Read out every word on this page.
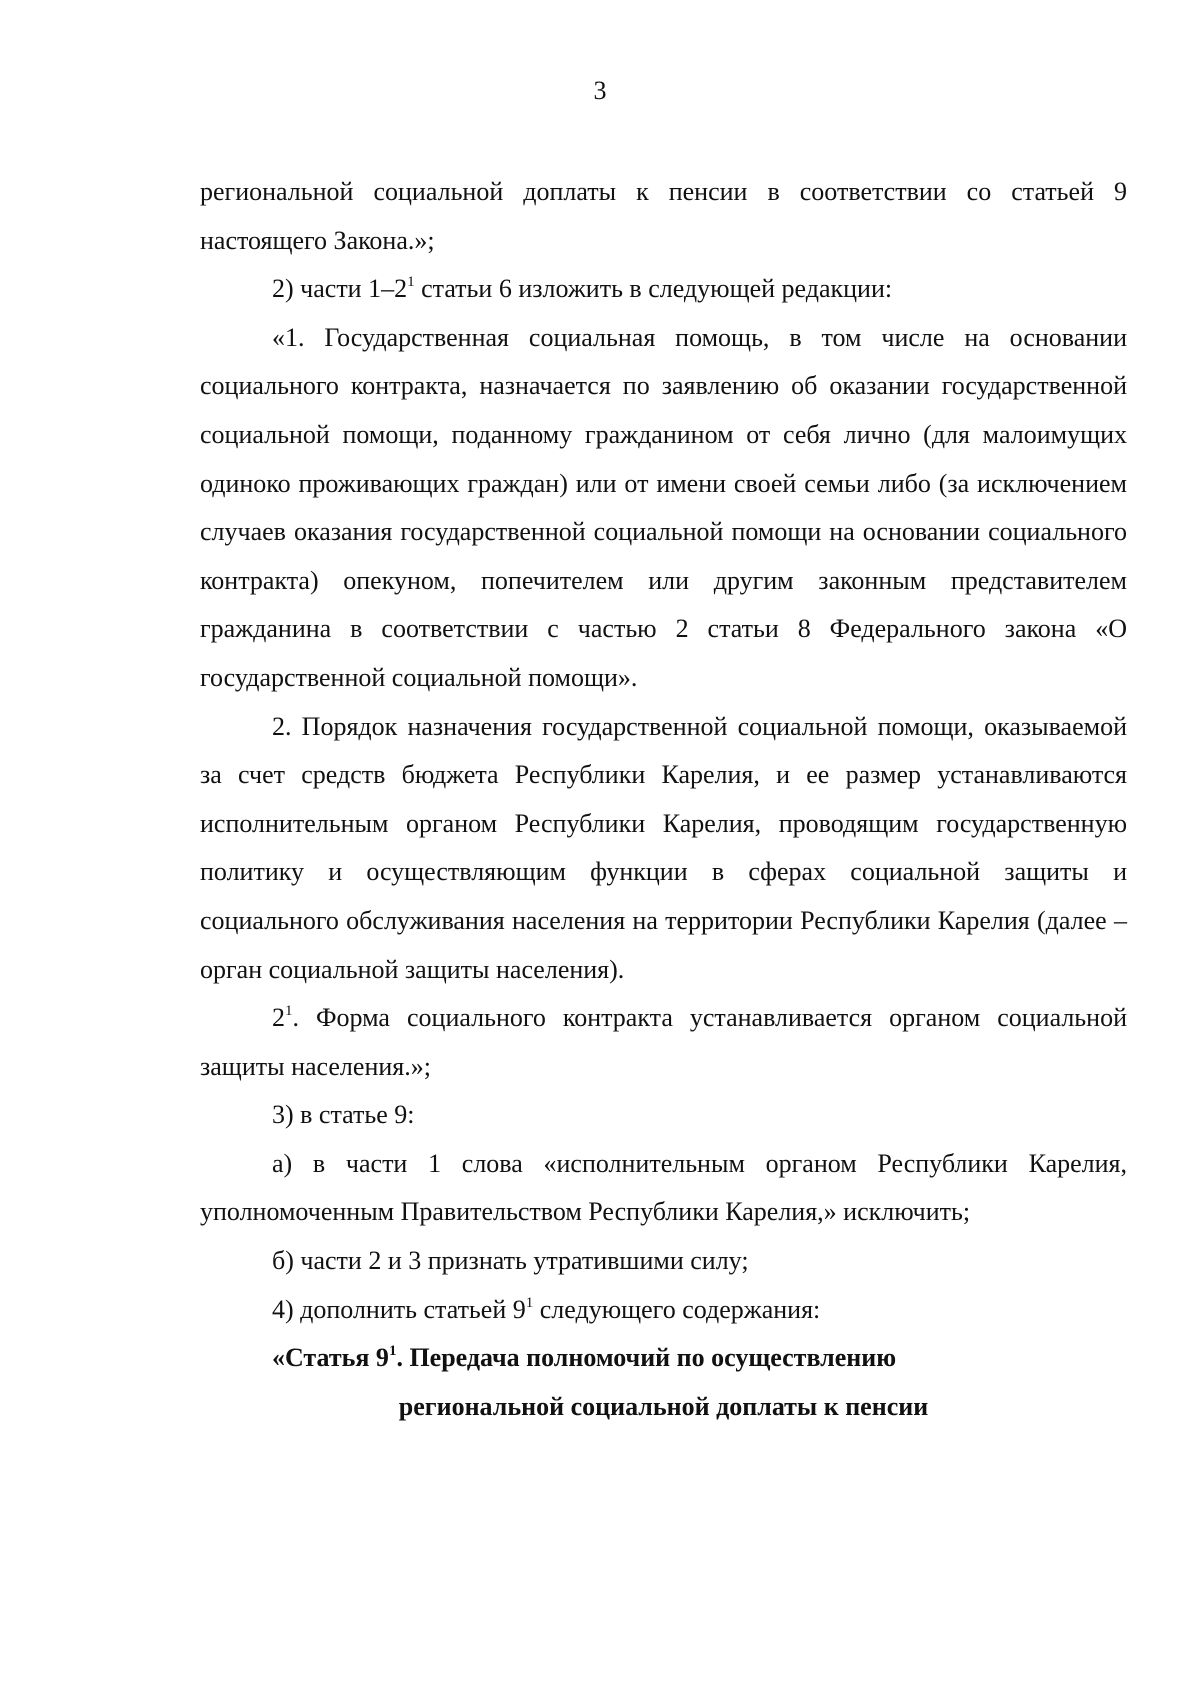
3

региональной социальной доплаты к пенсии в соответствии со статьей 9 настоящего Закона.»;

2) части $1-2^1$ статьи 6 изложить в следующей редакции:

«1. Государственная социальная помощь, в том числе на основании социального контракта, назначается по заявлению об оказании государственной социальной помощи, поданному гражданином от себя лично (для малоимущих одиноко проживающих граждан) или от имени своей семьи либо (за исключением случаев оказания государственной социальной помощи на основании социального контракта) опекуном, попечителем или другим законным представителем гражданина в соответствии с частью 2 статьи 8 Федерального закона «О государственной социальной помощи».

2. Порядок назначения государственной социальной помощи, оказываемой за счет средств бюджета Республики Карелия, и ее размер устанавливаются исполнительным органом Республики Карелия, проводящим государственную политику и осуществляющим функции в сферах социальной защиты и социального обслуживания населения на территории Республики Карелия (далее – орган социальной защиты населения).

$2^1$. Форма социального контракта устанавливается органом социальной защиты населения.»;

3) в статье 9:

а) в части 1 слова «исполнительным органом Республики Карелия, уполномоченным Правительством Республики Карелия,» исключить;

б) части 2 и 3 признать утратившими силу;

4) дополнить статьей $9^1$ следующего содержания:

«Статья $9^1$. Передача полномочий по осуществлению

региональной социальной доплаты к пенсии
